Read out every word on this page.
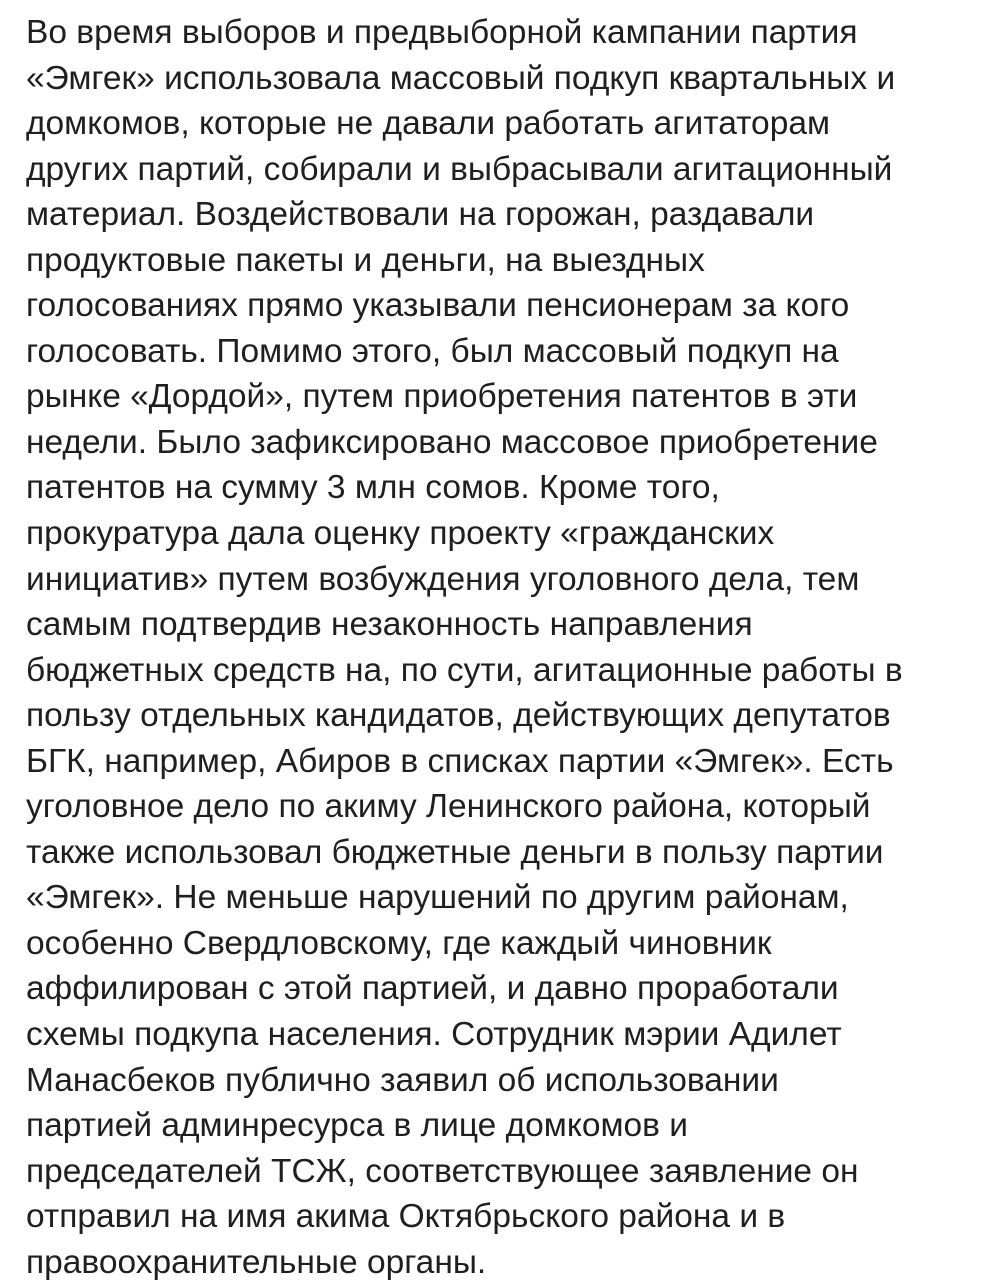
Во время выборов и предвыборной кампании партия
«Эмгек» использовала массовый подкуп квартальных и
домкомов, которые не давали работать агитаторам
других партий, собирали и выбрасывали агитационный
материал. Воздействовали на горожан, раздавали
продуктовые пакеты и деньги, на выездных
голосованиях прямо указывали пенсионерам за кого
голосовать. Помимо этого, был массовый подкуп на
рынке «Дордой», путем приобретения патентов в эти
недели. Было зафиксировано массовое приобретение
патентов на сумму 3 млн сомов. Кроме того,
прокуратура дала оценку проекту «гражданских
инициатив» путем возбуждения уголовного дела, тем
самым подтвердив незаконность направления
бюджетных средств на, по сути, агитационные работы в
пользу отдельных кандидатов, действующих депутатов
БГК, например, Абиров в списках партии «Эмгек». Есть
уголовное дело по акиму Ленинского района, который
также использовал бюджетные деньги в пользу партии
«Эмгек». Не меньше нарушений по другим районам,
особенно Свердловскому, где каждый чиновник
аффилирован с этой партией, и давно проработали
схемы подкупа населения. Сотрудник мэрии Адилет
Манасбеков публично заявил об использовании
партией админресурса в лице домкомов и
председателей ТСЖ, соответствующее заявление он
отправил на имя акима Октябрьского района и в
правоохранительные органы.
